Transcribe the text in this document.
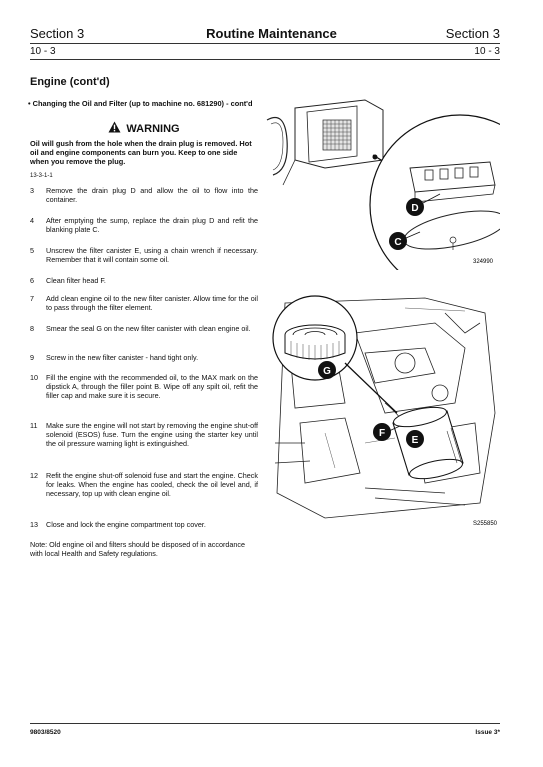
Section 3	Routine Maintenance	Section 3
10 - 3	10 - 3
Engine (cont'd)
• Changing the Oil and Filter (up to machine no. 681290) - cont'd
WARNING
Oil will gush from the hole when the drain plug is removed. Hot oil and engine components can burn you. Keep to one side when you remove the plug.
13-3-1-1
3	Remove the drain plug D and allow the oil to flow into the container.
4	After emptying the sump, replace the drain plug D and refit the blanking plate C.
5	Unscrew the filter canister E, using a chain wrench if necessary. Remember that it will contain some oil.
6	Clean filter head F.
7	Add clean engine oil to the new filter canister. Allow time for the oil to pass through the filter element.
8	Smear the seal G on the new filter canister with clean engine oil.
9	Screw in the new filter canister - hand tight only.
10	Fill the engine with the recommended oil, to the MAX mark on the dipstick A, through the filler point B. Wipe off any spilt oil, refit the filler cap and make sure it is secure.
11	Make sure the engine will not start by removing the engine shut-off solenoid (ESOS) fuse. Turn the engine using the starter key until the oil pressure warning light is extinguished.
12	Refit the engine shut-off solenoid fuse and start the engine. Check for leaks. When the engine has cooled, check the oil level and, if necessary, top up with clean engine oil.
13	Close and lock the engine compartment top cover.
Note: Old engine oil and filters should be disposed of in accordance with local Health and Safety regulations.
D
C
324990
G
F
E
S255850
9803/8520	Issue 3*
